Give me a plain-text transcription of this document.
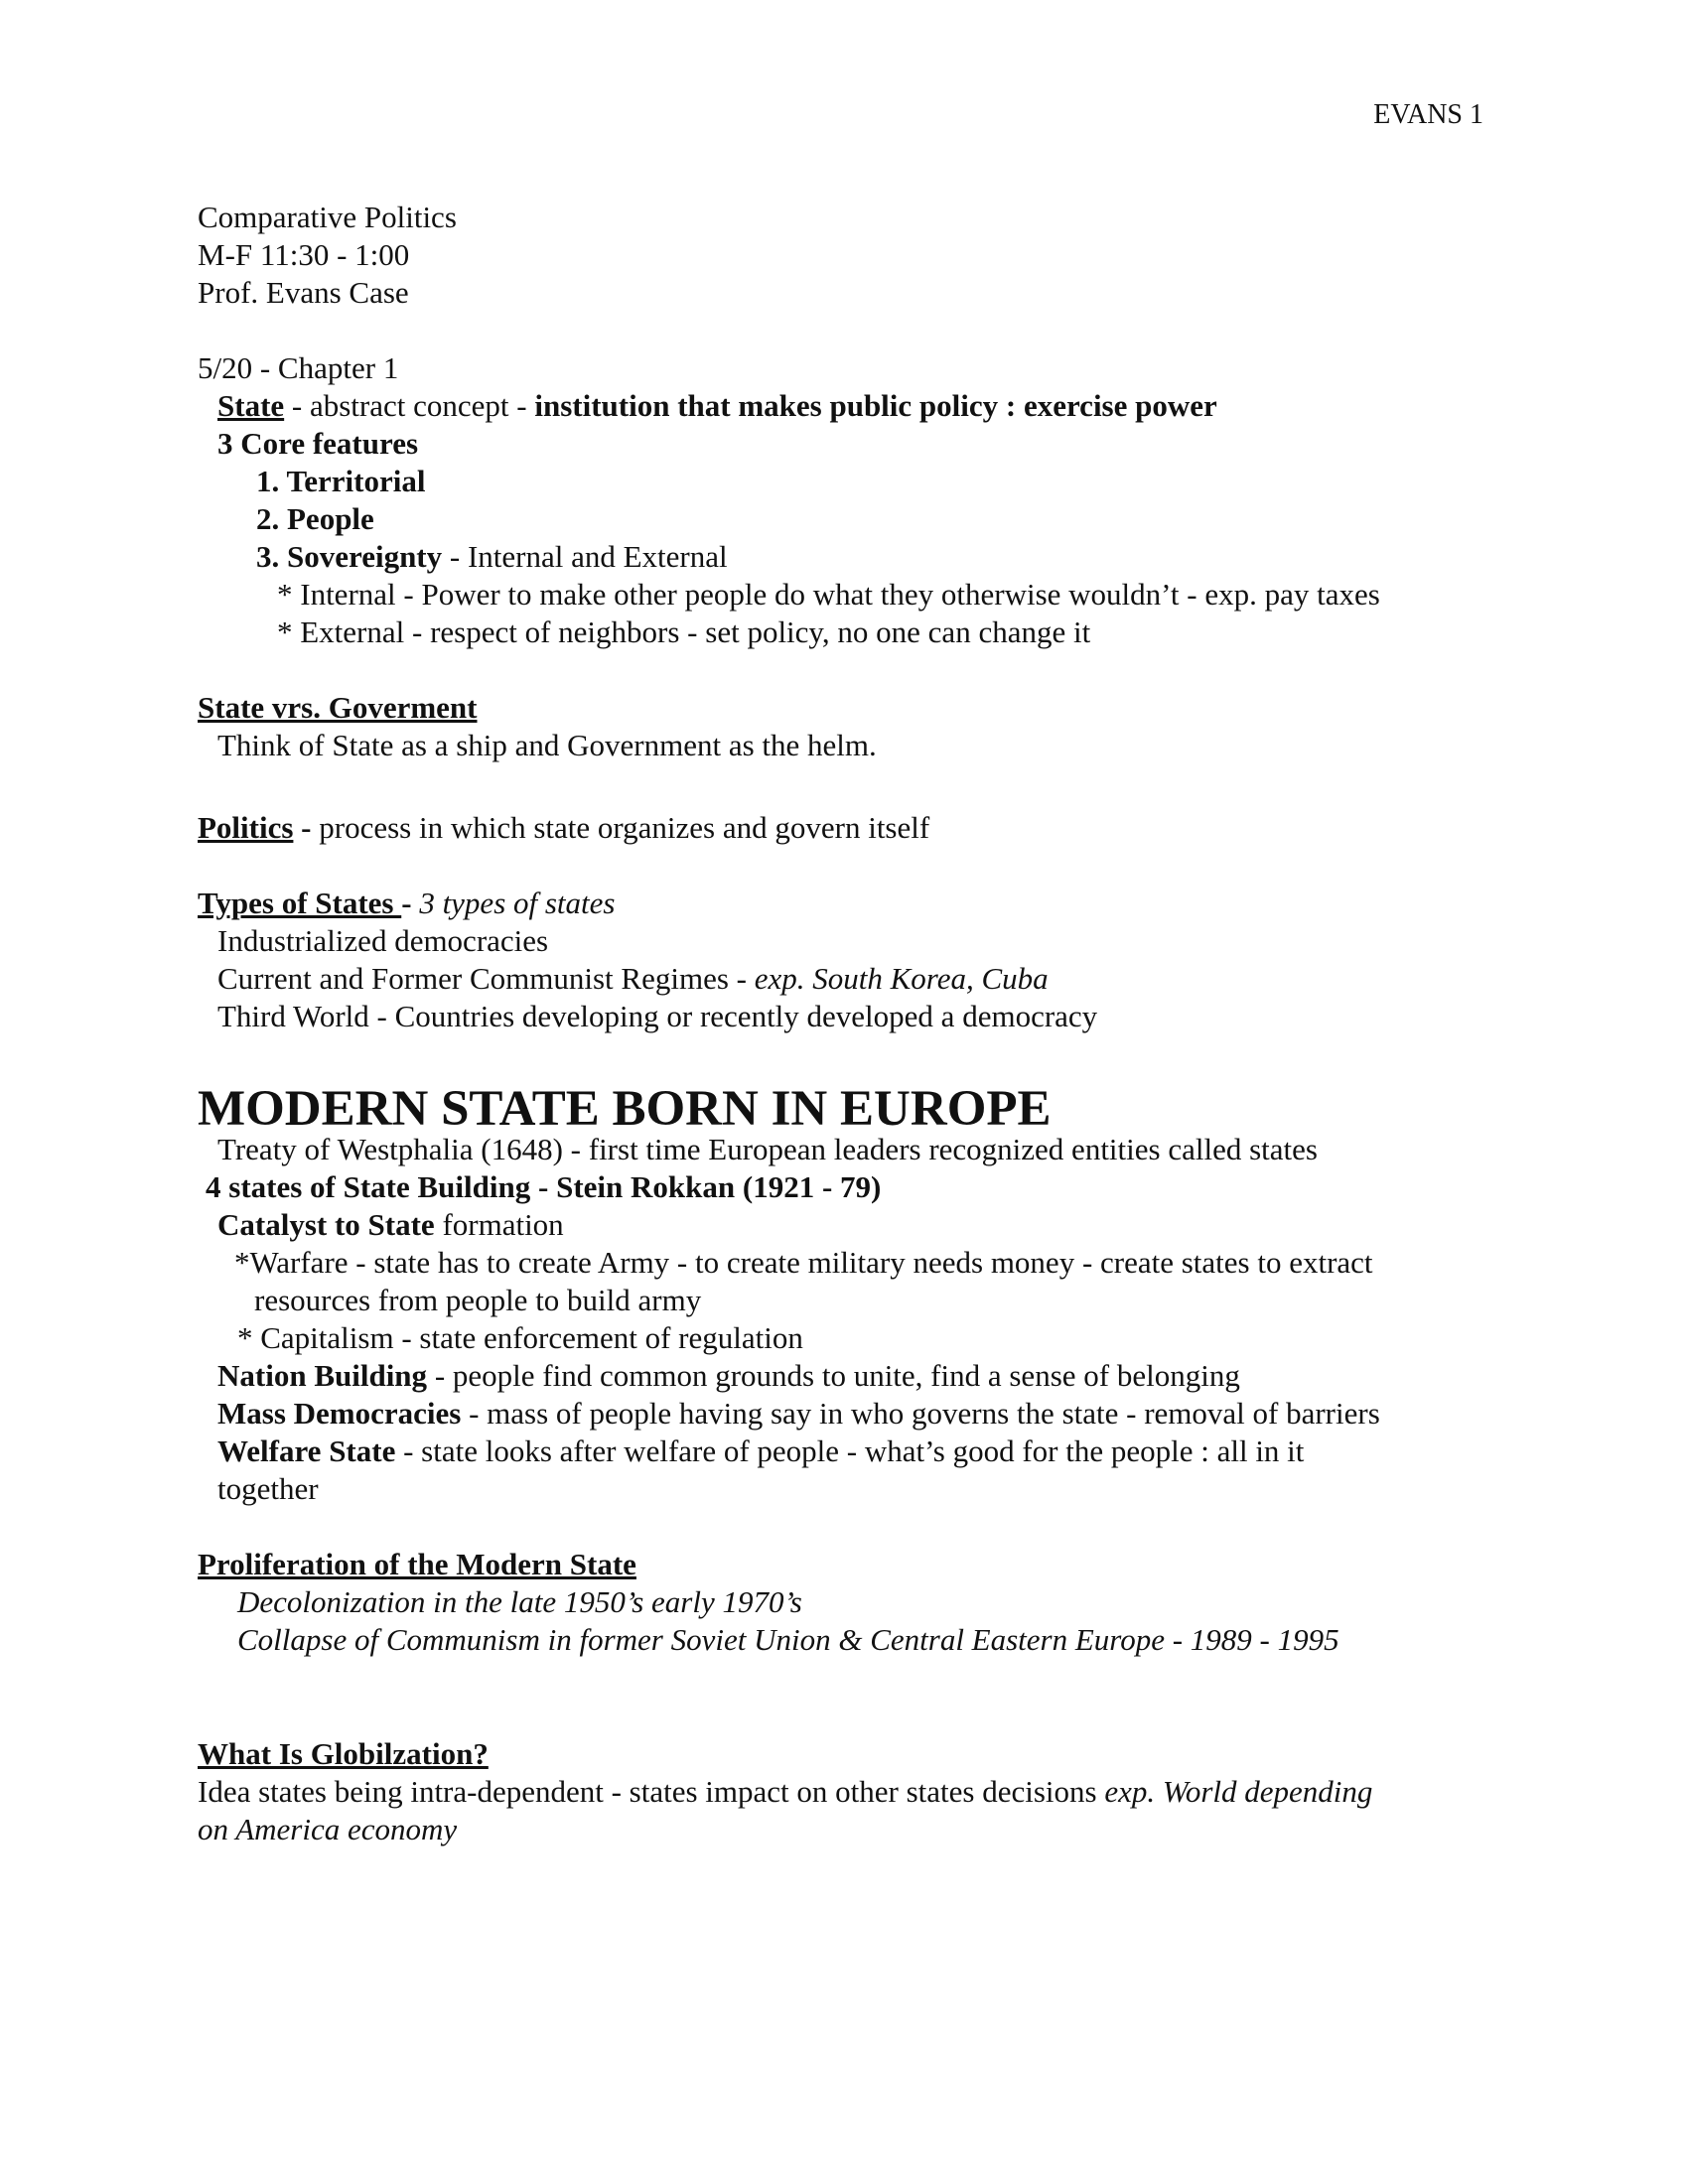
EVANS 1
Comparative Politics
M-F 11:30 - 1:00
Prof. Evans Case
5/20 - Chapter 1
State - abstract concept - institution that makes public policy : exercise power
3 Core features
1. Territorial
2. People
3. Sovereignty - Internal and External
* Internal - Power to make other people do what they otherwise wouldn’t - exp. pay taxes
* External - respect of neighbors - set policy, no one can change it
State vrs. Goverment
Think of State as a ship and Government as the helm.
Politics - process in which state organizes and govern itself
Types of States - 3 types of states
Industrialized democracies
Current and Former Communist Regimes - exp. South Korea, Cuba
Third World - Countries developing or recently developed a democracy
MODERN STATE BORN IN EUROPE
Treaty of Westphalia (1648) - first time European leaders recognized entities called states
4 states of State Building - Stein Rokkan (1921 - 79)
Catalyst to State formation
*Warfare - state has to create Army - to create military needs money - create states to extract
resources from people to build army
* Capitalism - state enforcement of regulation
Nation Building - people find common grounds to unite, find a sense of belonging
Mass Democracies - mass of people having say in who governs the state - removal of barriers
Welfare State - state looks after welfare of people - what’s good for the people : all in it
together
Proliferation of the Modern State
Decolonization in the late 1950’s early 1970’s
Collapse of Communism in former Soviet Union & Central Eastern Europe - 1989 - 1995
What Is Globilzation?
Idea states being intra-dependent - states impact on other states decisions exp. World depending
on America economy
